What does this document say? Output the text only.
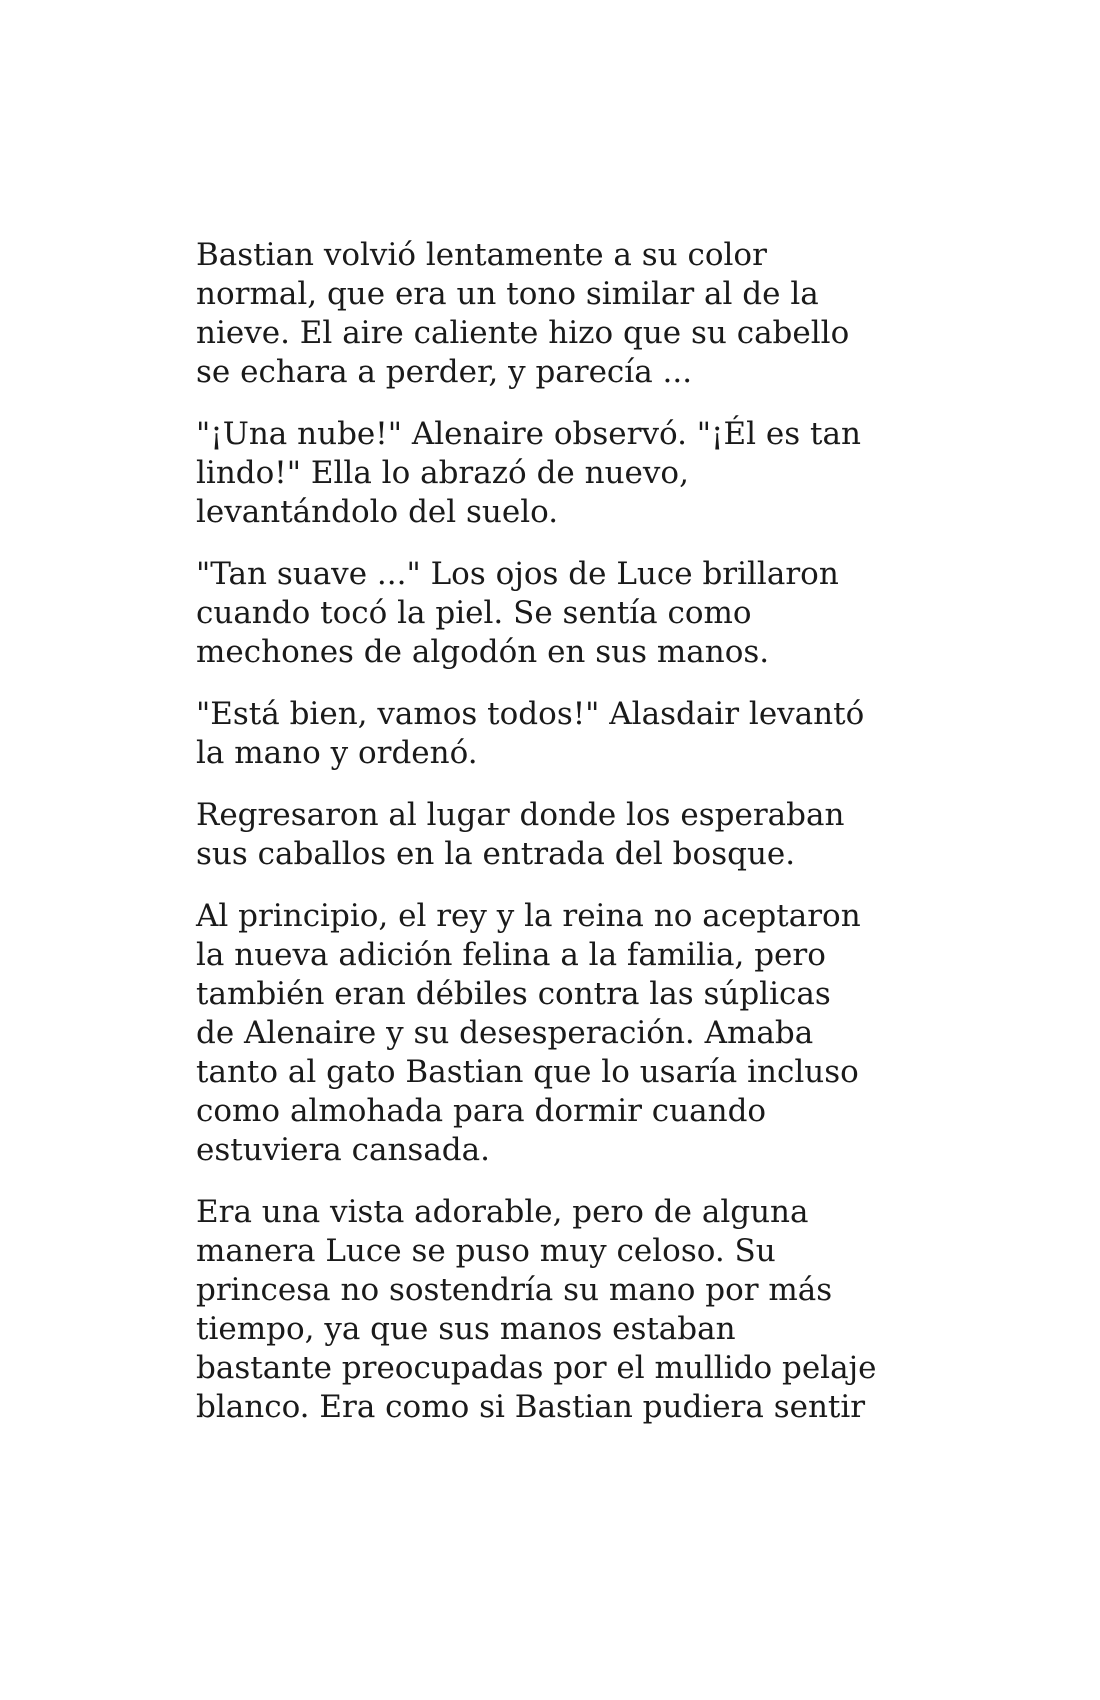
Bastian volvió lentamente a su color
normal, que era un tono similar al de la
nieve. El aire caliente hizo que su cabello
se echara a perder, y parecía ...

"¡Una nube!" Alenaire observó. "¡Él es tan
lindo!" Ella lo abrazó de nuevo,
levantándolo del suelo.

"Tan suave ..." Los ojos de Luce brillaron
cuando tocó la piel. Se sentía como
mechones de algodón en sus manos.

"Está bien, vamos todos!" Alasdair levantó
la mano y ordenó.

Regresaron al lugar donde los esperaban
sus caballos en la entrada del bosque.

Al principio, el rey y la reina no aceptaron
la nueva adición felina a la familia, pero
también eran débiles contra las súplicas
de Alenaire y su desesperación. Amaba
tanto al gato Bastian que lo usaría incluso
como almohada para dormir cuando
estuviera cansada.

Era una vista adorable, pero de alguna
manera Luce se puso muy celoso. Su
princesa no sostendría su mano por más
tiempo, ya que sus manos estaban
bastante preocupadas por el mullido pelaje
blanco. Era como si Bastian pudiera sentir
